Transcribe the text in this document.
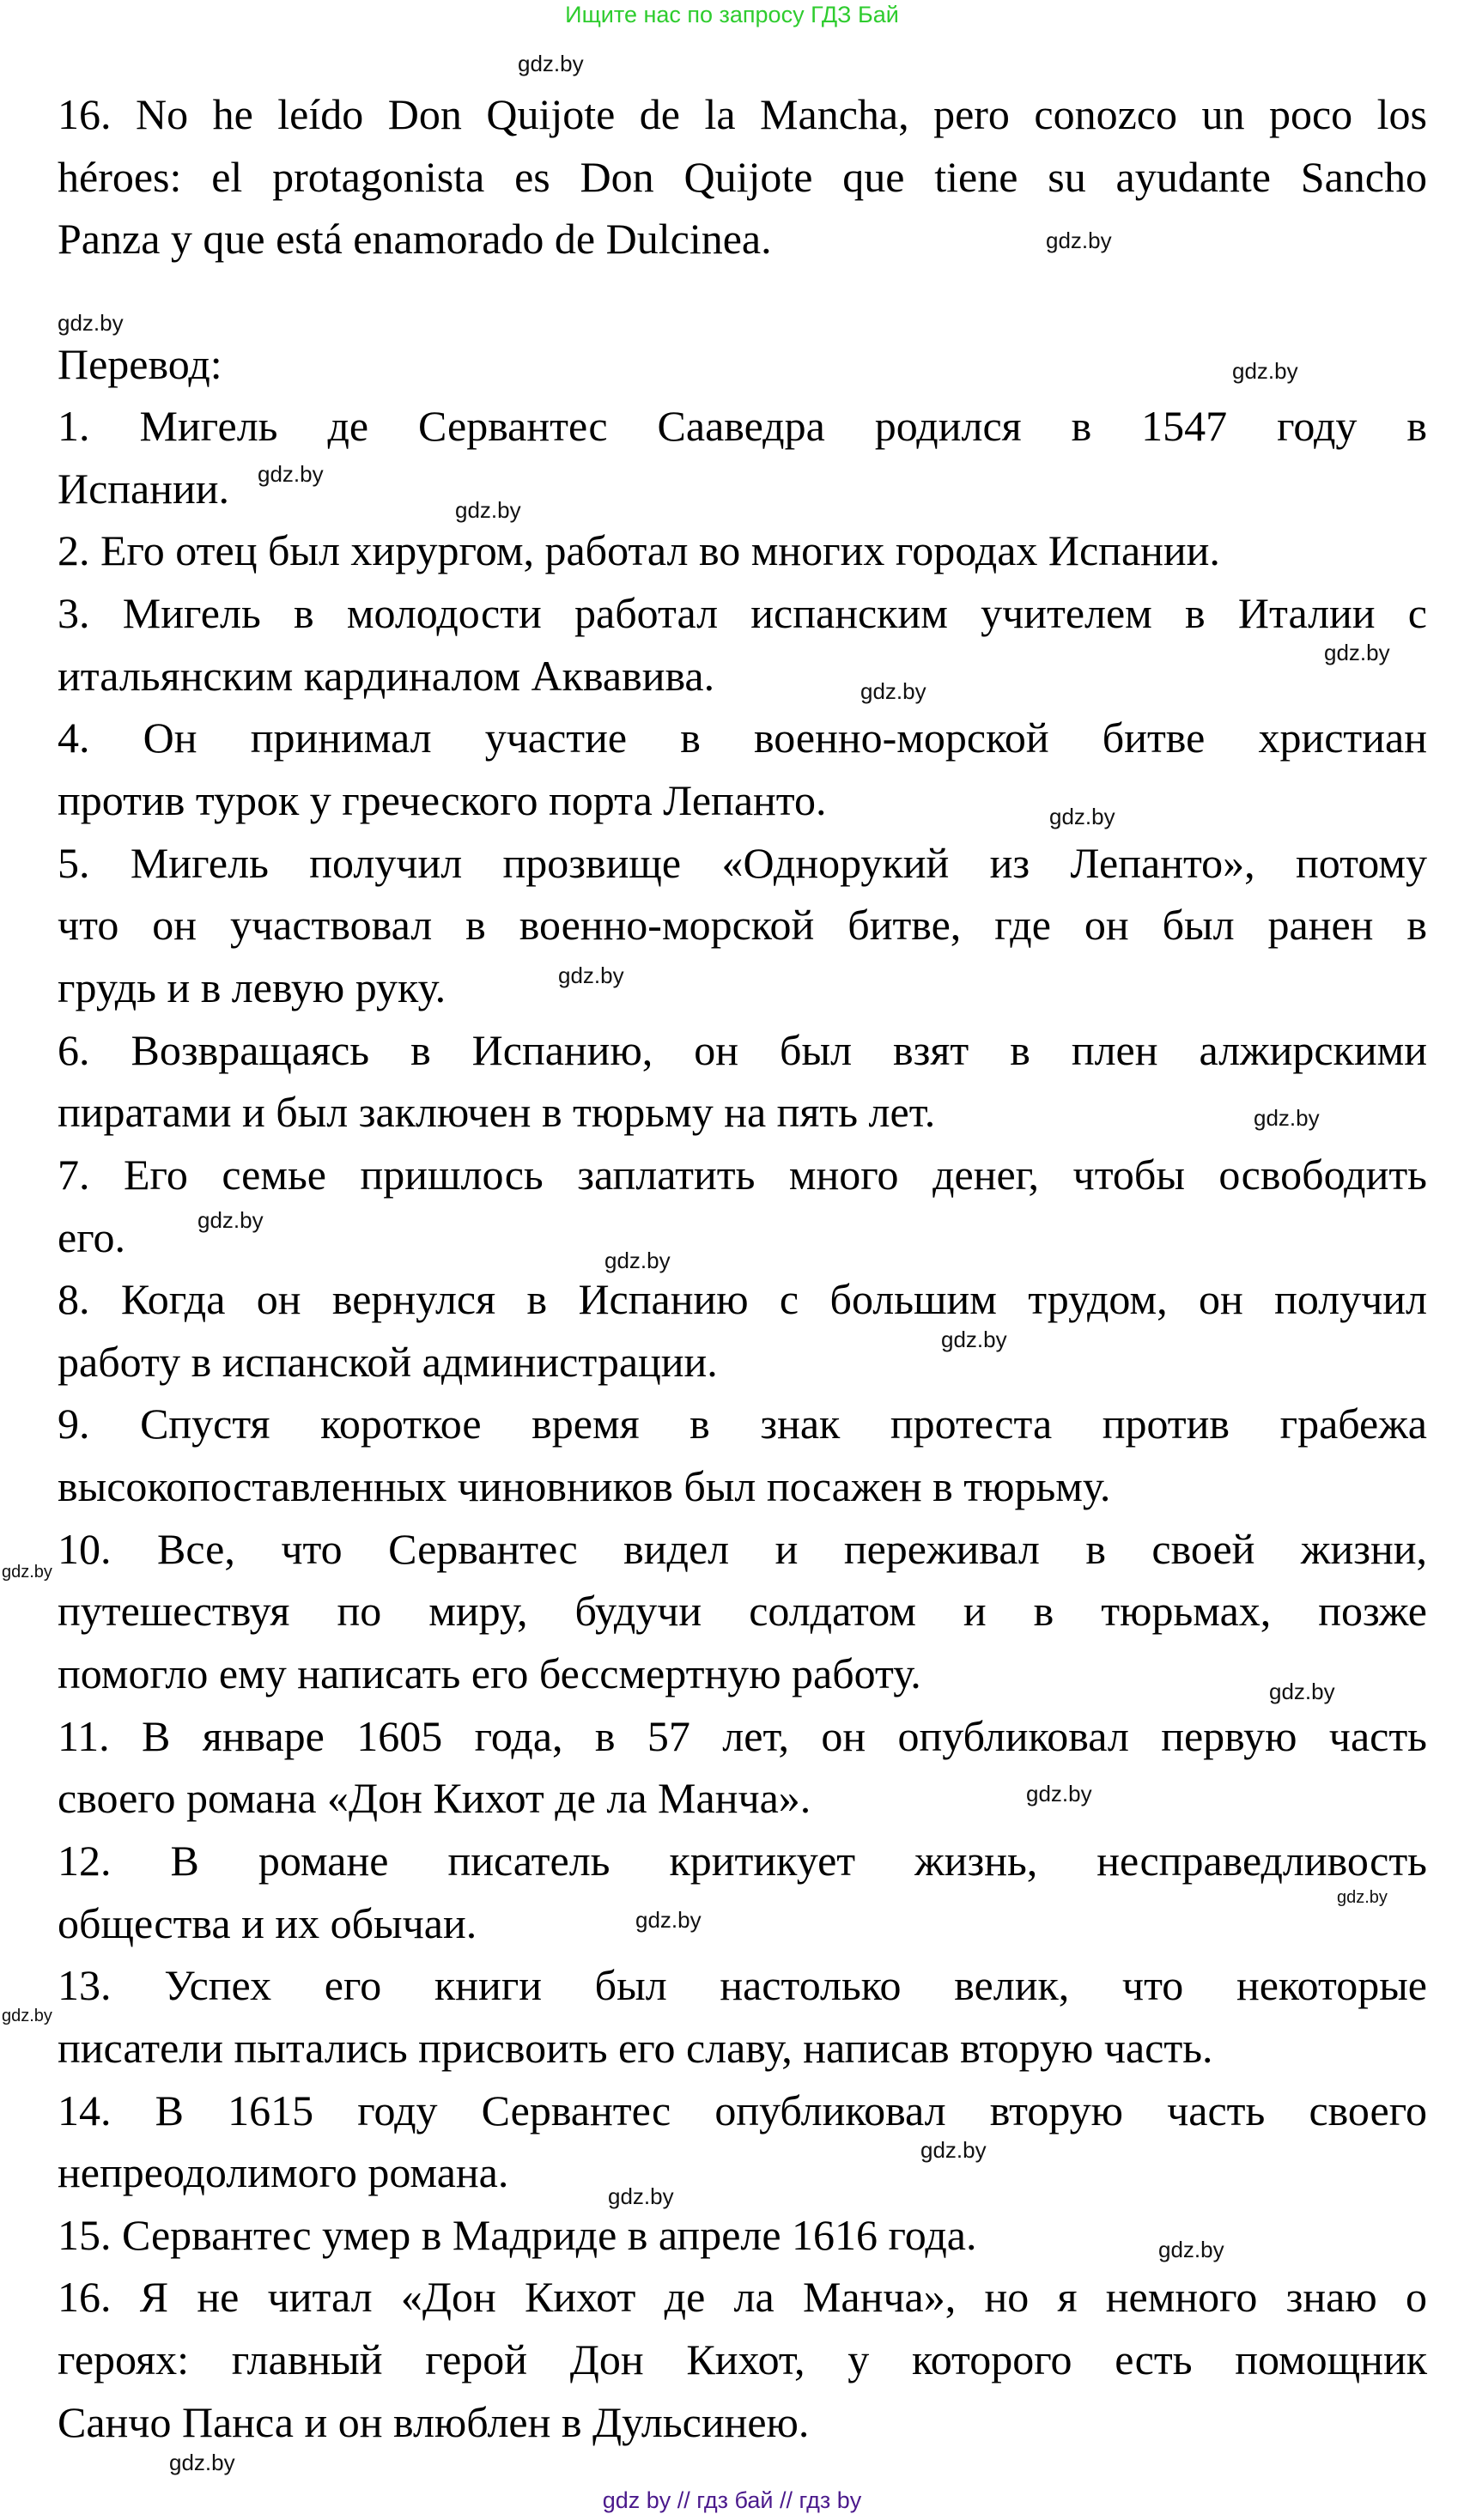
Ищите нас по запросу ГДЗ Бай
16. No he leído Don Quijote de la Mancha, pero conozco un poco los
héroes: el protagonista es Don Quijote que tiene su ayudante Sancho
Panza y que está enamorado de Dulcinea.
Перевод:
1. Мигель де Сервантес Сааведра родился в 1547 году в
Испании.
2. Его отец был хирургом, работал во многих городах Испании.
3. Мигель в молодости работал испанским учителем в Италии с
итальянским кардиналом Аквавива.
4. Он принимал участие в военно-морской битве христиан
против турок у греческого порта Лепанто.
5. Мигель получил прозвище «Однорукий из Лепанто», потому
что он участвовал в военно-морской битве, где он был ранен в
грудь и в левую руку.
6. Возвращаясь в Испанию, он был взят в плен алжирскими
пиратами и был заключен в тюрьму на пять лет.
7. Его семье пришлось заплатить много денег, чтобы освободить
его.
8. Когда он вернулся в Испанию с большим трудом, он получил
работу в испанской администрации.
9. Спустя короткое время в знак протеста против грабежа
высокопоставленных чиновников был посажен в тюрьму.
10. Все, что Сервантес видел и переживал в своей жизни,
путешествуя по миру, будучи солдатом и в тюрьмах, позже
помогло ему написать его бессмертную работу.
11. В январе 1605 года, в 57 лет, он опубликовал первую часть
своего романа «Дон Кихот де ла Манча».
12. В романе писатель критикует жизнь, несправедливость
общества и их обычаи.
13. Успех его книги был настолько велик, что некоторые
писатели пытались присвоить его славу, написав вторую часть.
14. В 1615 году Сервантес опубликовал вторую часть своего
непреодолимого романа.
15. Сервантес умер в Мадриде в апреле 1616 года.
16. Я не читал «Дон Кихот де ла Манча», но я немного знаю о
героях: главный герой Дон Кихот, у которого есть помощник
Санчо Панса и он влюблен в Дульсинею.
gdz.by
gdz.by
gdz.by
gdz.by
gdz.by
gdz.by
gdz.by
gdz.by
gdz.by
gdz.by
gdz.by
gdz.by
gdz.by
gdz.by
gdz.by
gdz.by
gdz.by
gdz.by
gdz.by
gdz.by
gdz.by
gdz.by
gdz.by
gdz.by
gdz by // гдз бай // гдз by
